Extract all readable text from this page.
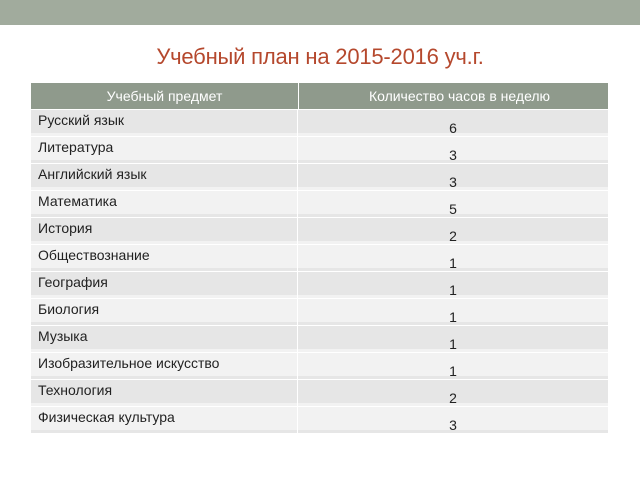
Учебный план на 2015-2016 уч.г.
Учебный предмет	Количество часов в неделю
Русский язык	6
Литература	3
Английский язык	3
Математика	5
История	2
Обществознание	1
География	1
Биология	1
Музыка	1
Изобразительное искусство	1
Технология	2
Физическая культура	3
